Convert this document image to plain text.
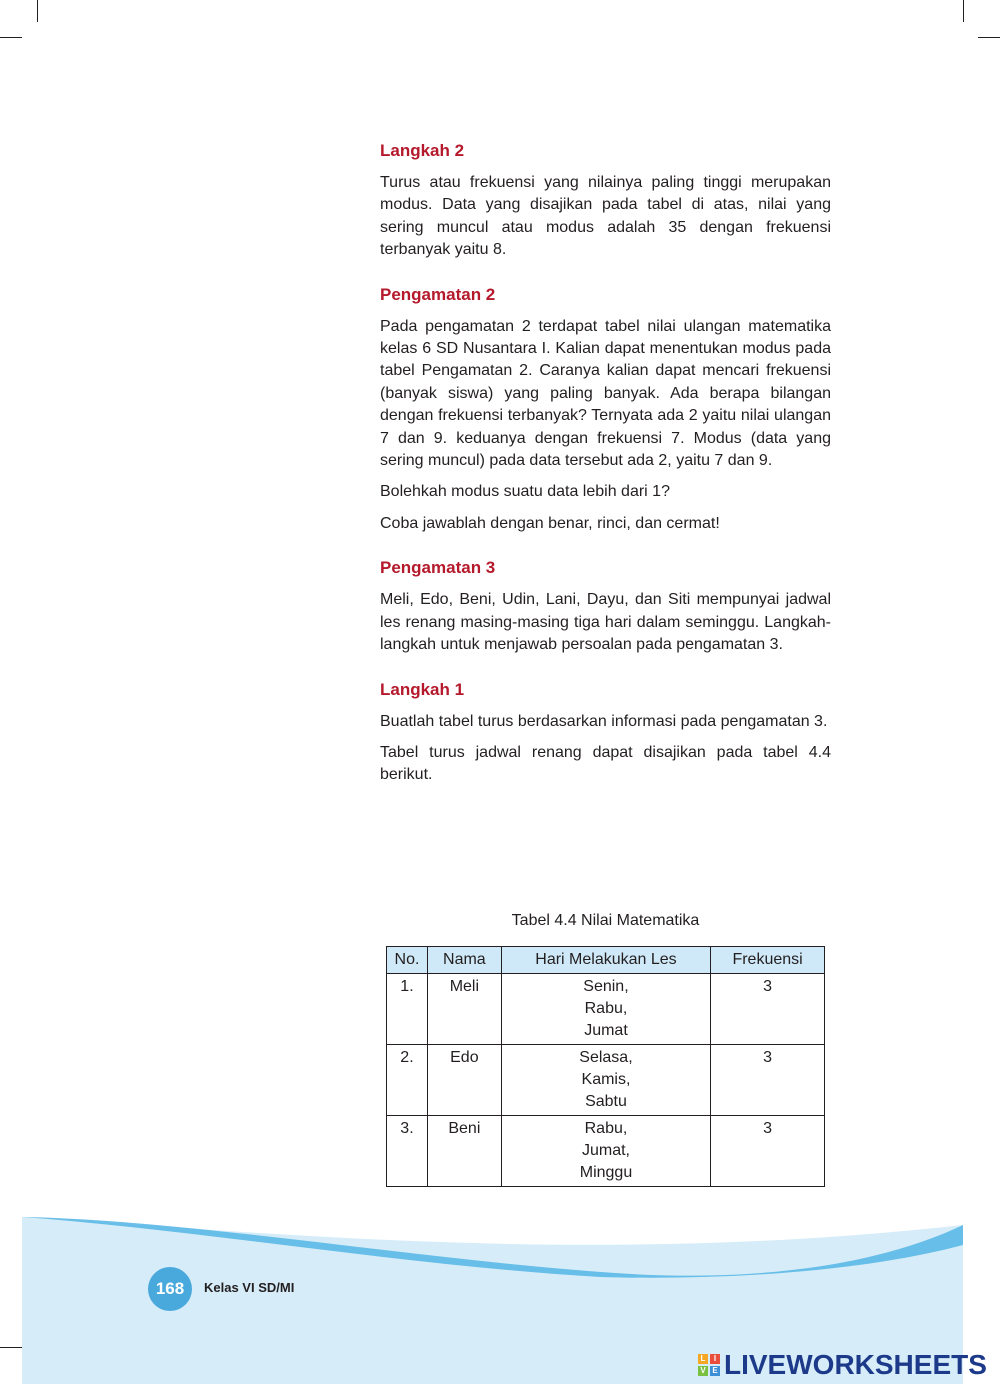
Langkah 2

Turus atau frekuensi yang nilainya paling tinggi merupakan modus. Data yang disajikan pada tabel di atas, nilai yang sering muncul atau modus adalah 35 dengan frekuensi terbanyak yaitu 8.

Pengamatan 2

Pada pengamatan 2 terdapat tabel nilai ulangan matematika kelas 6 SD Nusantara I. Kalian dapat menentukan modus pada tabel Pengamatan 2. Caranya kalian dapat mencari frekuensi (banyak siswa) yang paling banyak. Ada berapa bilangan dengan frekuensi terbanyak? Ternyata ada 2 yaitu nilai ulangan 7 dan 9. keduanya dengan frekuensi 7. Modus (data yang sering muncul) pada data tersebut ada 2, yaitu 7 dan 9.

Bolehkah modus suatu data lebih dari 1?

Coba jawablah dengan benar, rinci, dan cermat!

Pengamatan 3

Meli, Edo, Beni, Udin, Lani, Dayu, dan Siti mempunyai jadwal les renang masing-masing tiga hari dalam seminggu. Langkah-langkah untuk menjawab persoalan pada pengamatan 3.

Langkah 1

Buatlah tabel turus berdasarkan informasi pada pengamatan 3.

Tabel turus jadwal renang dapat disajikan pada tabel 4.4 berikut.

Tabel 4.4 Nilai Matematika
No.	Nama	Hari Melakukan Les	Frekuensi
1.	Meli	Senin,
Rabu,
Jumat	3
2.	Edo	Selasa,
Kamis,
Sabtu	3
3.	Beni	Rabu,
Jumat,
Minggu	3
168	Kelas VI SD/MI
L	I
V E LIVEWORKSHEETS
